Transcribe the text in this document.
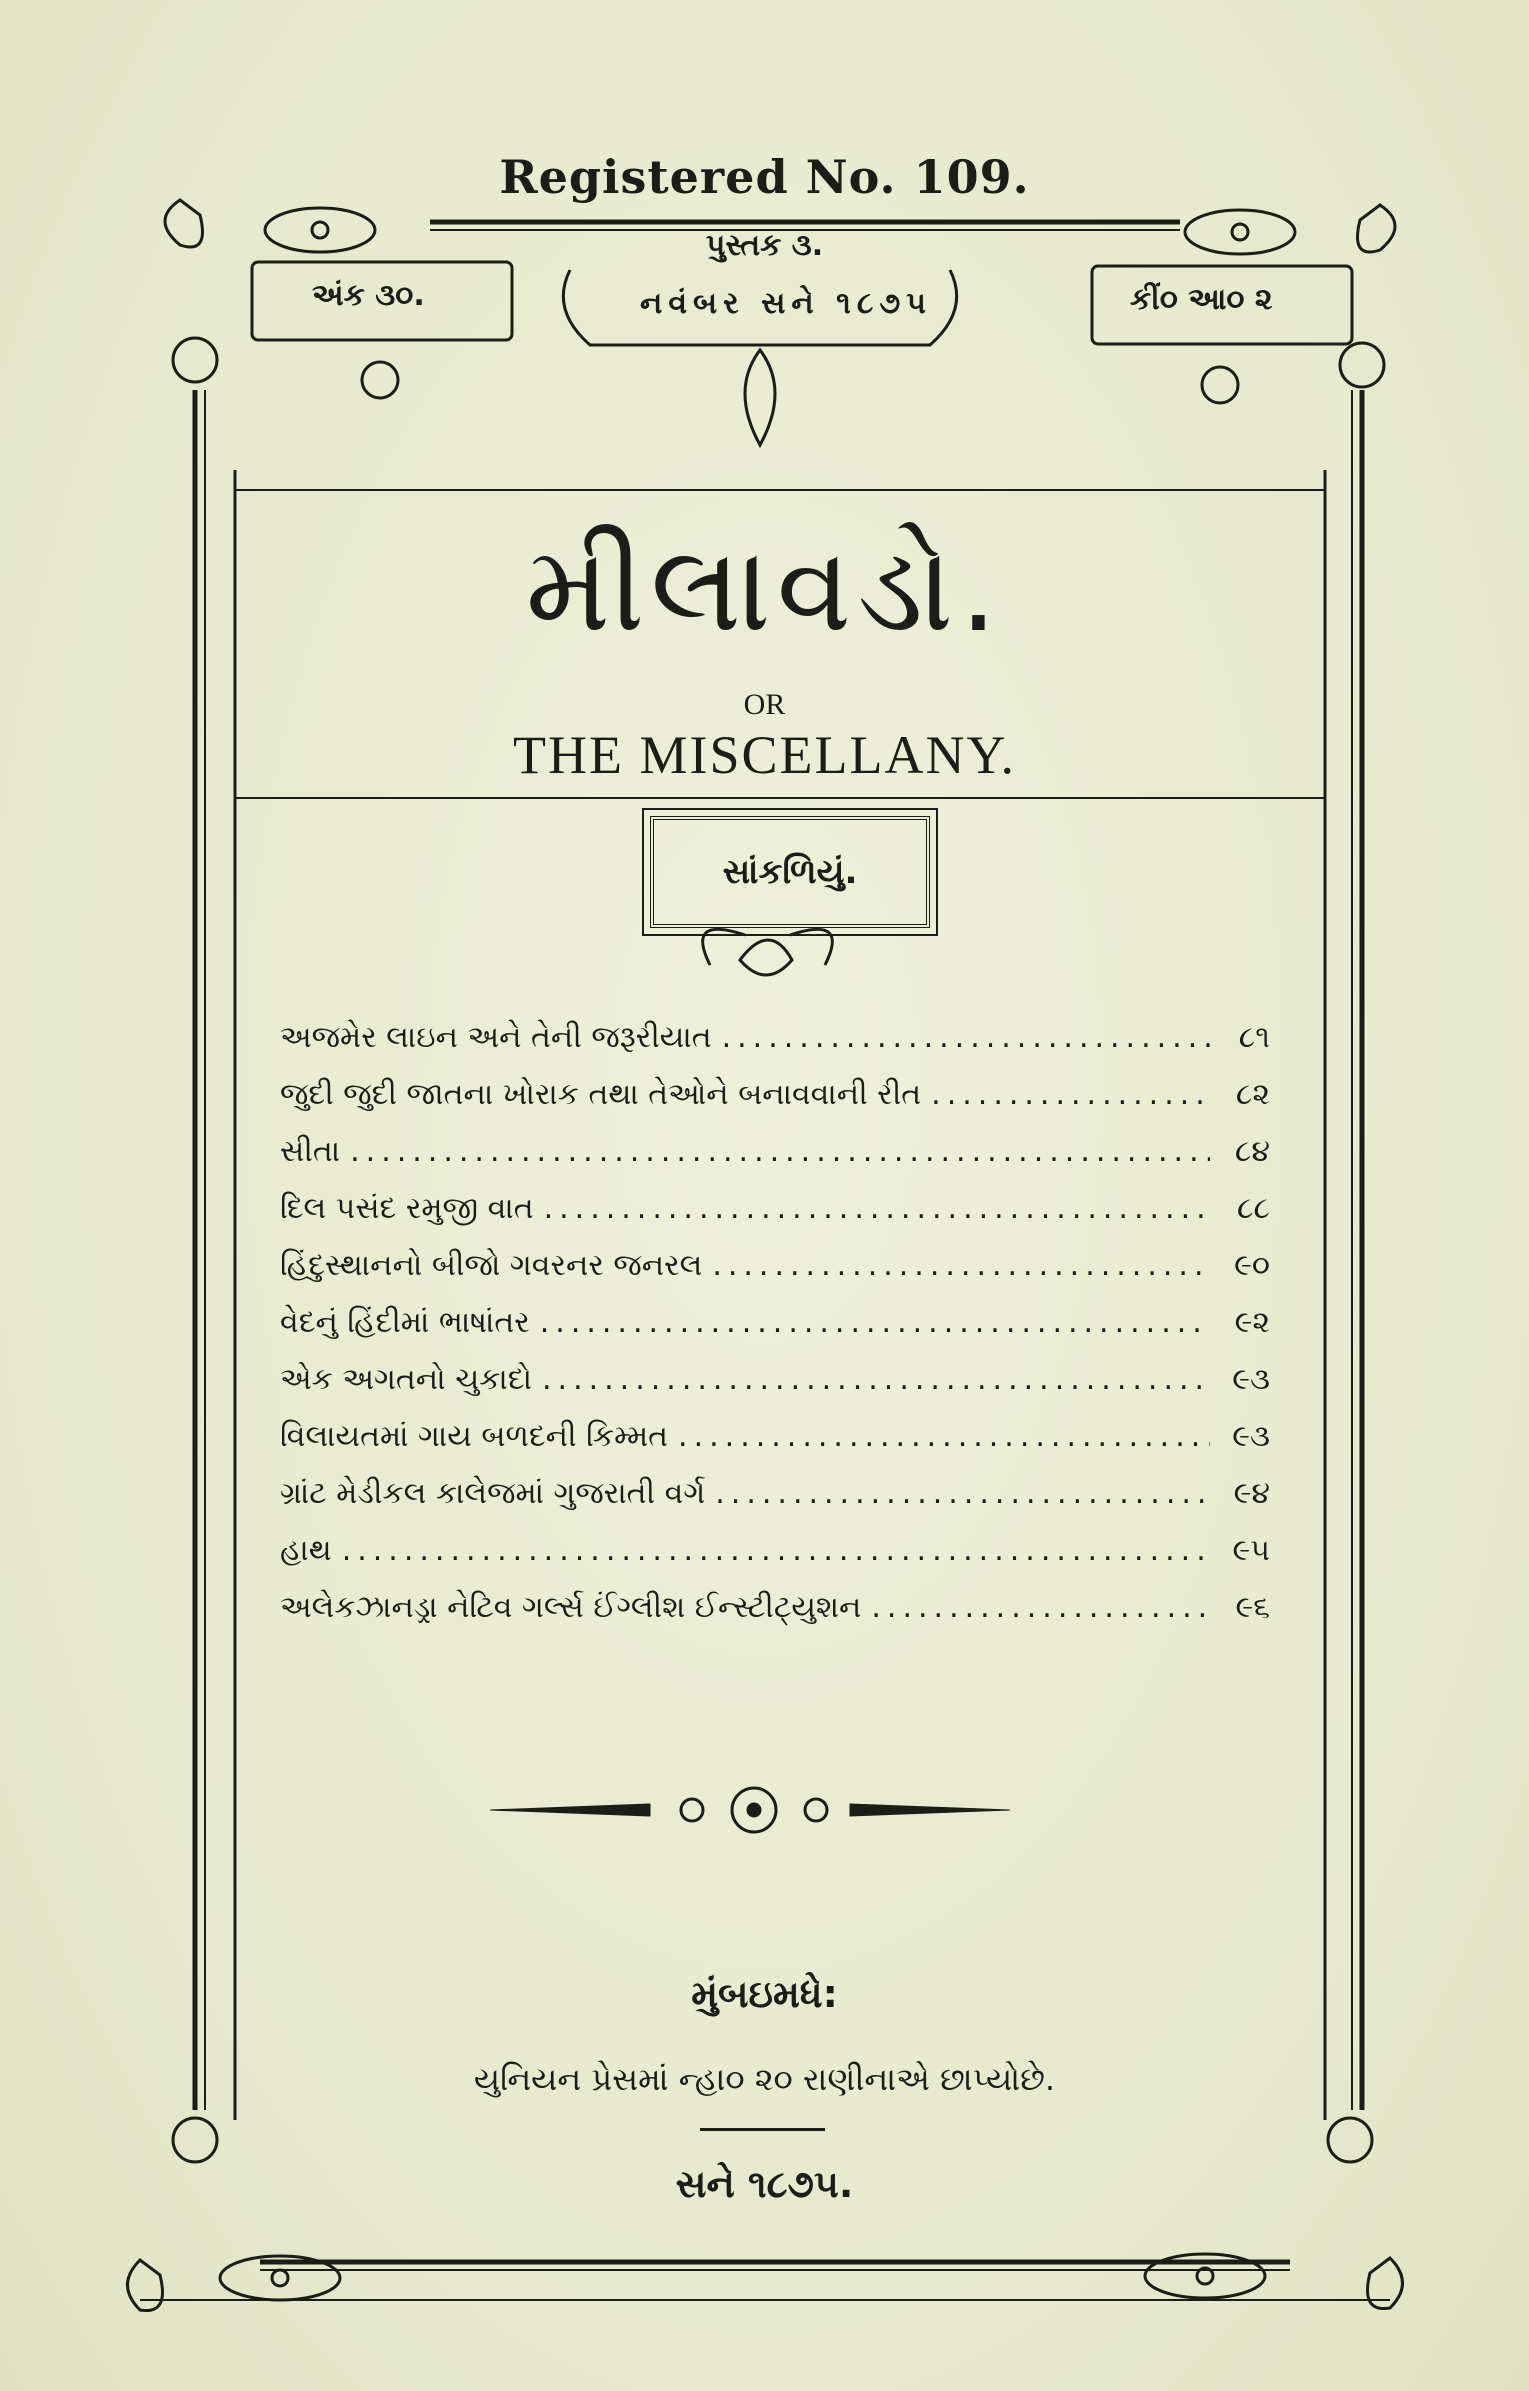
Registered No. 109.
પુસ્તક ૩.
અંક ૩૦.	નવંબર સને ૧૮૭૫	કીં૦ આ૦ ૨
મીલાવડો.
OR
THE MISCELLANY.
સાંકળિયું.
અજમેર લાઇન અને તેની જરૂરીયાત .....	૮૧
જુદી જુદી જાતના ખોરાક તથા તેઓને બનાવવાની રીત .....	૮૨
સીતા .....	૮૪
દિલ પસંદ રમુજી વાત .....	૮૮
હિંદુસ્થાનનો બીજો ગવરનર જનરલ .....	૯૦
વેદનું હિંદીમાં ભાષાંતર .....	૯૨
એક અગતનો ચુકાદો .....	૯૩
વિલાયતમાં ગાય બળદની કિમ્મત .....	૯૩
ગ્રાંટ મેડીકલ કાલેજમાં ગુજરાતી વર્ગ .....	૯૪
હાથ .....	૯૫
અલેકઝાનડ્રા નેટિવ ગર્લ્સ ઈંગ્લીશ ઈન્સ્ટીટ્યુશન .....	૯૬
મુંબઇમધે:
યુનિયન પ્રેસમાં ન્હા૦ ૨૦ રાણીનાએ છાપ્યોછે.
સને ૧૮૭૫.
